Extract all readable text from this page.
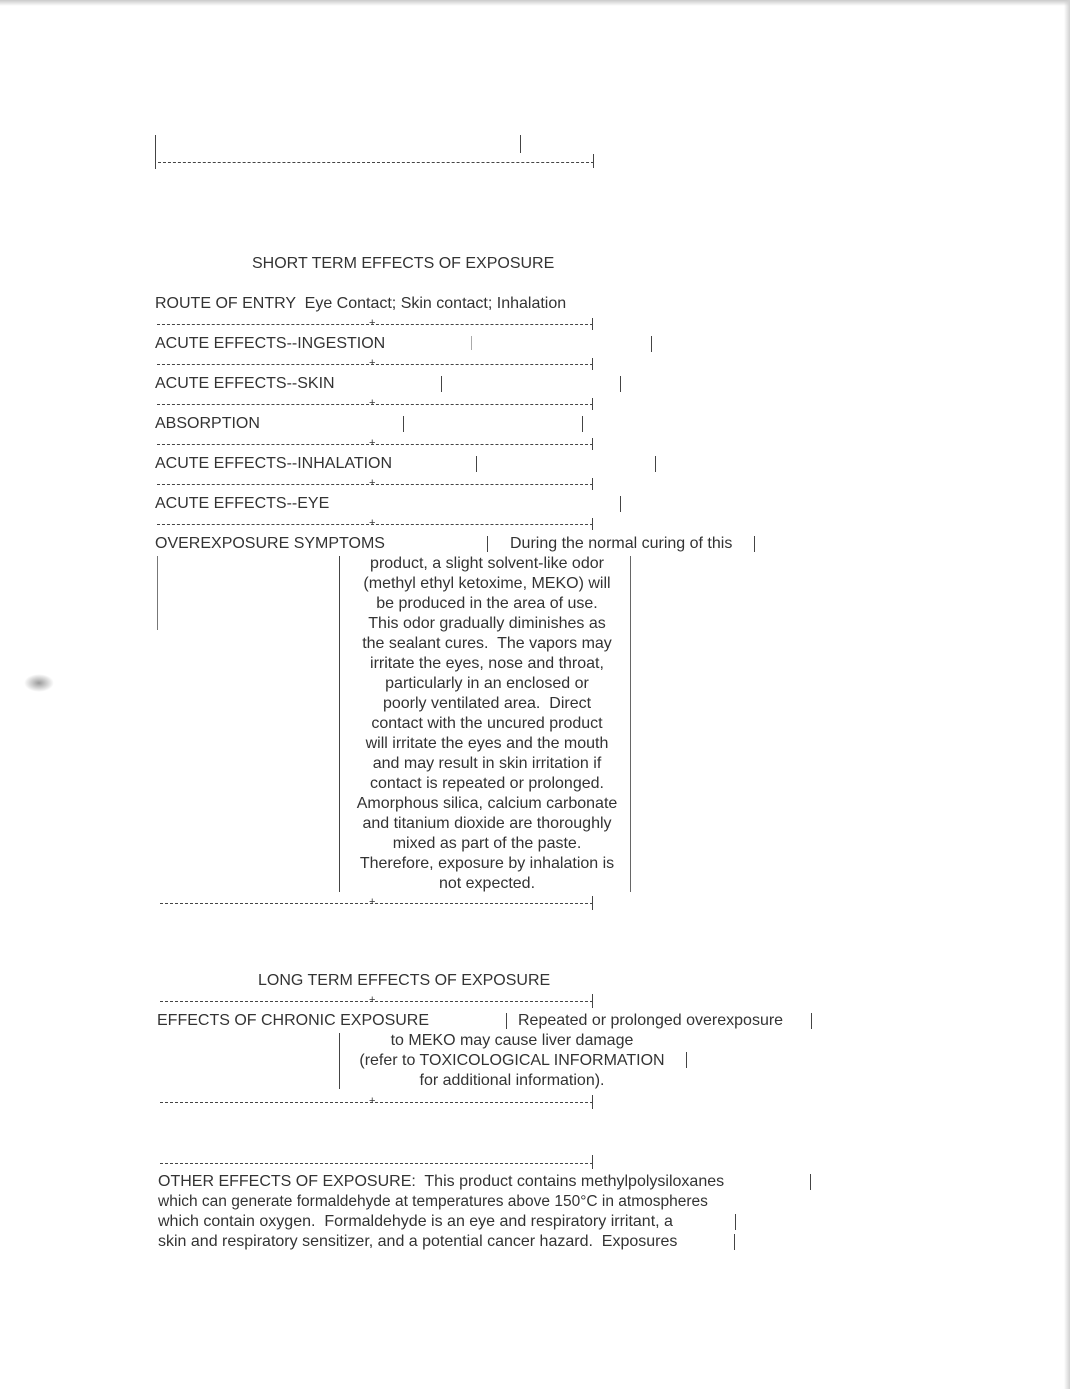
SHORT TERM EFFECTS OF EXPOSURE
ROUTE OF ENTRY  Eye Contact; Skin contact; Inhalation
+
ACUTE EFFECTS--INGESTION
+
ACUTE EFFECTS--SKIN
+
ABSORPTION
+
ACUTE EFFECTS--INHALATION
+
ACUTE EFFECTS--EYE
+
OVEREXPOSURE SYMPTOMS	During the normal curing of this
product, a slight solvent-like odor
(methyl ethyl ketoxime, MEKO) will
be produced in the area of use.
This odor gradually diminishes as
the sealant cures.  The vapors may
irritate the eyes, nose and throat,
particularly in an enclosed or
poorly ventilated area.  Direct
contact with the uncured product
will irritate the eyes and the mouth
and may result in skin irritation if
contact is repeated or prolonged.
Amorphous silica, calcium carbonate
and titanium dioxide are thoroughly
mixed as part of the paste.
Therefore, exposure by inhalation is
not expected.
+
LONG TERM EFFECTS OF EXPOSURE
+
EFFECTS OF CHRONIC EXPOSURE	Repeated or prolonged overexposure
to MEKO may cause liver damage
(refer to TOXICOLOGICAL INFORMATION
for additional information).
+
OTHER EFFECTS OF EXPOSURE:  This product contains methylpolysiloxanes
which can generate formaldehyde at temperatures above 150°C in atmospheres
which contain oxygen.  Formaldehyde is an eye and respiratory irritant, a
skin and respiratory sensitizer, and a potential cancer hazard.  Exposures
